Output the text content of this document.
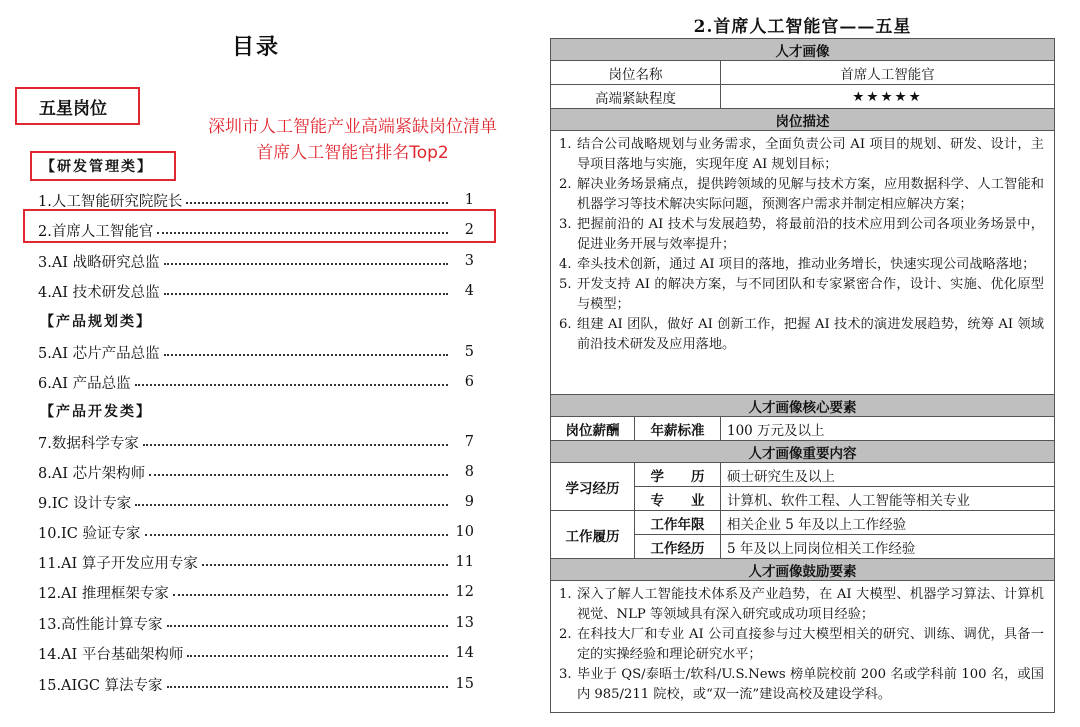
目录
五星岗位
深圳市人工智能产业高端紧缺岗位清单
首席人工智能官排名Top2
【研发管理类】
【产品规划类】
【产品开发类】
1.人工智能研究院院长	1
2.首席人工智能官	2
3.AI 战略研究总监	3
4.AI 技术研发总监	4
5.AI 芯片产品总监	5
6.AI 产品总监	6
7.数据科学专家	7
8.AI 芯片架构师	8
9.IC 设计专家	9
10.IC 验证专家	10
11.AI 算子开发应用专家	11
12.AI 推理框架专家	12
13.高性能计算专家	13
14.AI 平台基础架构师	14
15.AIGC 算法专家	15
2.首席人工智能官——五星
人才画像
岗位名称	首席人工智能官
高端紧缺程度	★★★★★
岗位描述
1. 结合公司战略规划与业务需求，全面负责公司 AI 项目的规划、研发、设计，主导项目落地与实施，实现年度 AI 规划目标；
2. 解决业务场景痛点，提供跨领域的见解与技术方案，应用数据科学、人工智能和机器学习等技术解决实际问题，预测客户需求并制定相应解决方案；
3. 把握前沿的 AI 技术与发展趋势，将最前沿的技术应用到公司各项业务场景中，促进业务开展与效率提升；
4. 牵头技术创新，通过 AI 项目的落地，推动业务增长，快速实现公司战略落地；
5. 开发支持 AI 的解决方案，与不同团队和专家紧密合作，设计、实施、优化原型与模型；
6. 组建 AI 团队，做好 AI 创新工作，把握 AI 技术的演进发展趋势，统筹 AI 领域前沿技术研发及应用落地。
人才画像核心要素
岗位薪酬	年薪标准	100 万元及以上
人才画像重要内容
学习经历
学　　历	硕士研究生及以上
专　　业	计算机、软件工程、人工智能等相关专业
工作履历
工作年限	相关企业 5 年及以上工作经验
工作经历	5 年及以上同岗位相关工作经验
人才画像鼓励要素
1. 深入了解人工智能技术体系及产业趋势，在 AI 大模型、机器学习算法、计算机视觉、NLP 等领域具有深入研究或成功项目经验；
2. 在科技大厂和专业 AI 公司直接参与过大模型相关的研究、训练、调优，具备一定的实操经验和理论研究水平；
3. 毕业于 QS/泰晤士/软科/U.S.News 榜单院校前 200 名或学科前 100 名，或国内 985/211 院校，或“双一流”建设高校及建设学科。
